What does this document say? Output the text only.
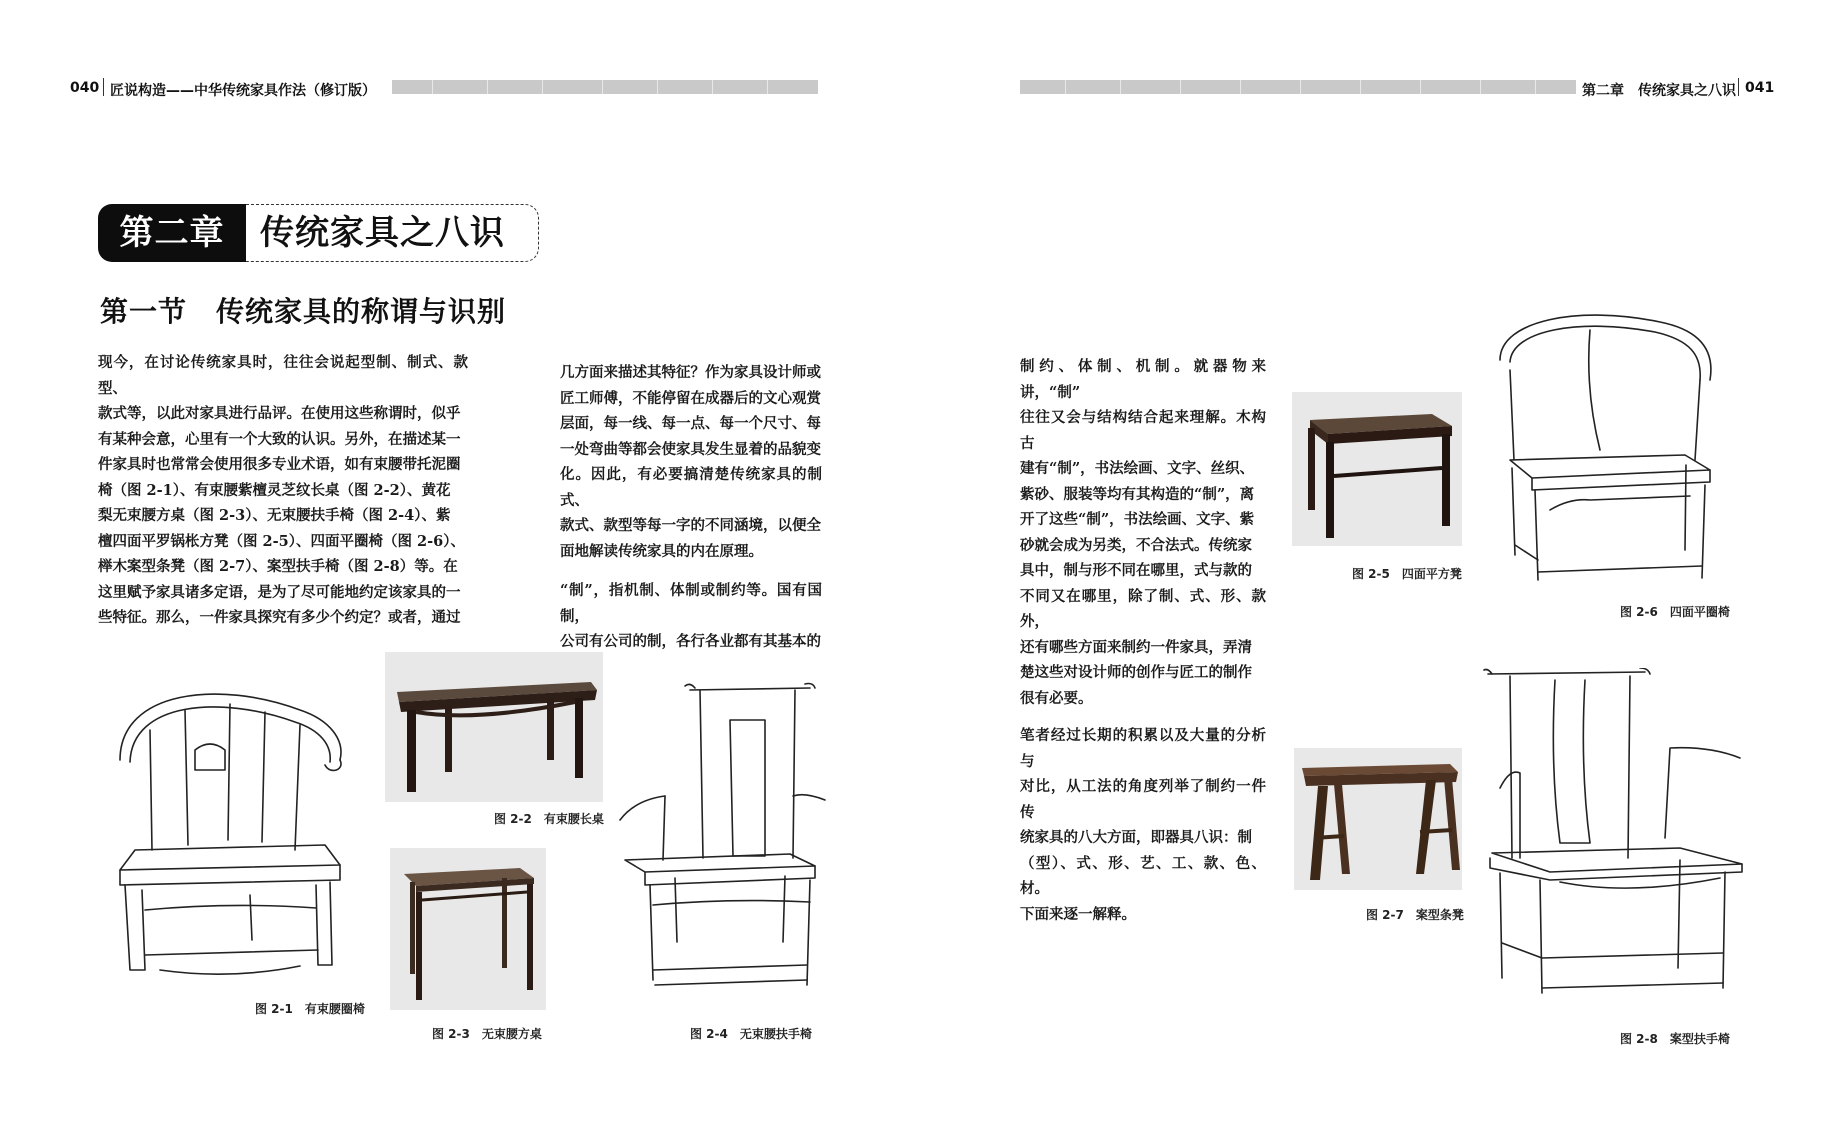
040 匠说构造——中华传统家具作法（修订版）	第二章　传统家具之八识 041
第二章	传统家具之八识
第一节　传统家具的称谓与识别
现今，在讨论传统家具时，往往会说起型制、制式、款型、
款式等，以此对家具进行品评。在使用这些称谓时，似乎
有某种会意，心里有一个大致的认识。另外，在描述某一
件家具时也常常会使用很多专业术语，如有束腰带托泥圈
椅（图 2-1）、有束腰紫檀灵芝纹长桌（图 2-2）、黄花
梨无束腰方桌（图 2-3）、无束腰扶手椅（图 2-4）、紫
檀四面平罗锅枨方凳（图 2-5）、四面平圈椅（图 2-6）、
榉木案型条凳（图 2-7）、案型扶手椅（图 2-8）等。在
这里赋予家具诸多定语，是为了尽可能地约定该家具的一
些特征。那么，一件家具探究有多少个约定？或者，通过
几方面来描述其特征？作为家具设计师或
匠工师傅，不能停留在成器后的文心观赏
层面，每一线、每一点、每一个尺寸、每
一处弯曲等都会使家具发生显着的品貌变
化。因此，有必要搞清楚传统家具的制式、
款式、款型等每一字的不同涵境，以便全
面地解读传统家具的内在原理。
“制”，指机制、体制或制约等。国有国制，
公司有公司的制，各行各业都有其基本的
制约、体制、机制。就器物来讲，“制”
往往又会与结构结合起来理解。木构古
建有“制”，书法绘画、文字、丝织、
紫砂、服装等均有其构造的“制”，离
开了这些“制”，书法绘画、文字、紫
砂就会成为另类，不合法式。传统家
具中，制与形不同在哪里，式与款的
不同又在哪里，除了制、式、形、款外，
还有哪些方面来制约一件家具，弄清
楚这些对设计师的创作与匠工的制作
很有必要。
笔者经过长期的积累以及大量的分析与
对比，从工法的角度列举了制约一件传
统家具的八大方面，即器具八识：制
（型）、式、形、艺、工、款、色、材。
下面来逐一解释。
图 2-1　有束腰圈椅
图 2-2　有束腰长桌
图 2-3　无束腰方桌	图 2-4　无束腰扶手椅
图 2-5　四面平方凳
图 2-6　四面平圈椅
图 2-7　案型条凳
图 2-8　案型扶手椅
